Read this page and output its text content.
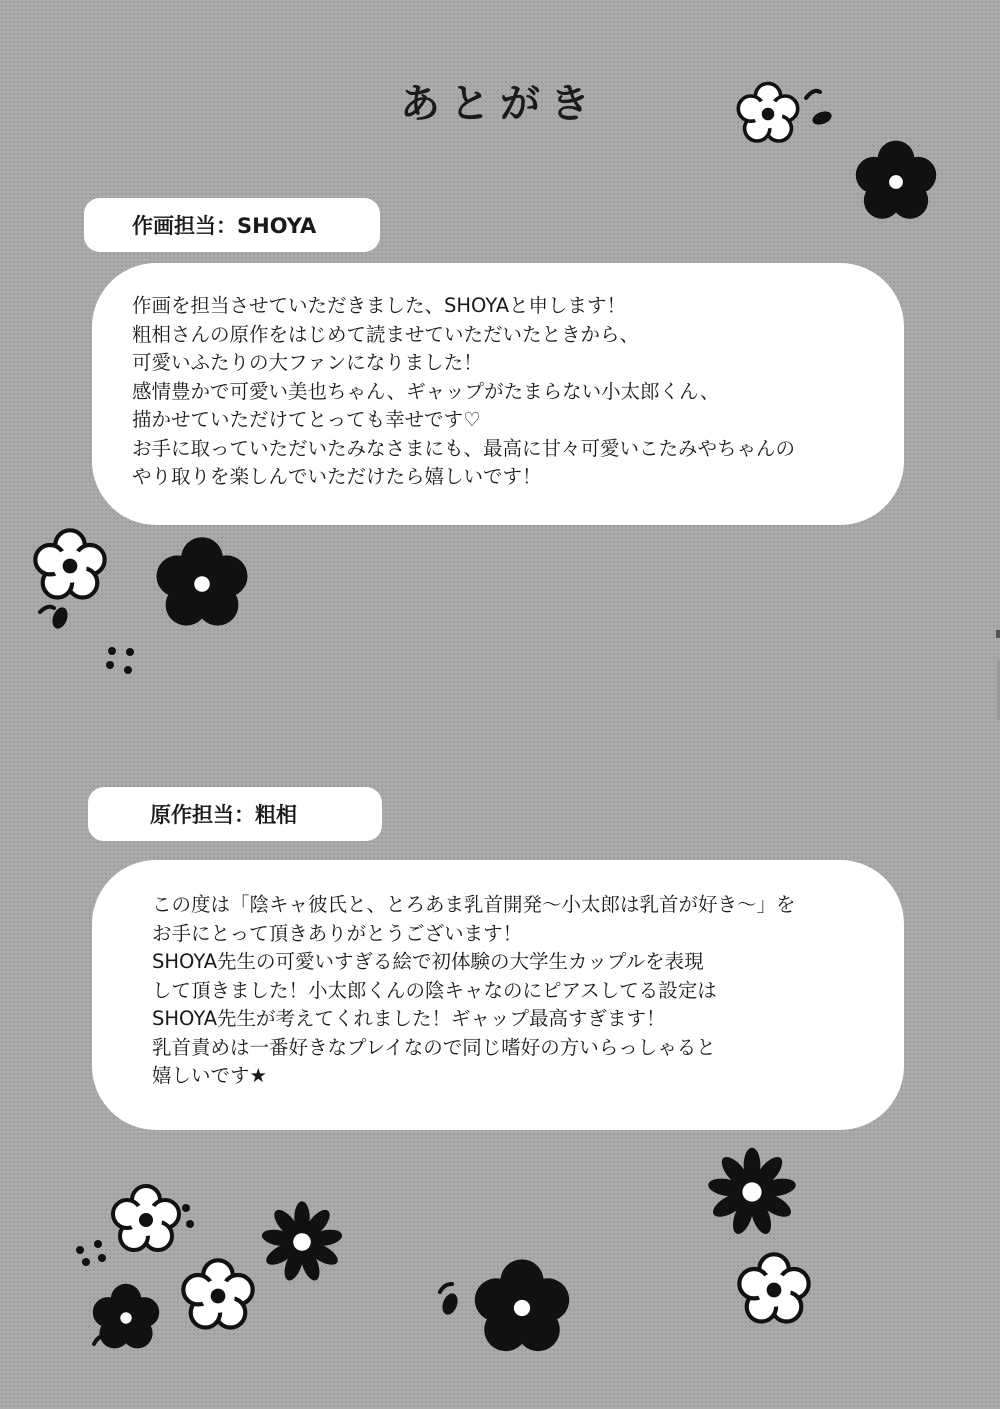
あとがき
作画担当：SHOYA
作画を担当させていただきました、SHOYAと申します！
粗相さんの原作をはじめて読ませていただいたときから、
可愛いふたりの大ファンになりました！
感情豊かで可愛い美也ちゃん、ギャップがたまらない小太郎くん、
描かせていただけてとっても幸せです♡
お手に取っていただいたみなさまにも、最高に甘々可愛いこたみやちゃんの
やり取りを楽しんでいただけたら嬉しいです！
原作担当：粗相
この度は「陰キャ彼氏と、とろあま乳首開発～小太郎は乳首が好き～」を
お手にとって頂きありがとうございます！
SHOYA先生の可愛いすぎる絵で初体験の大学生カップルを表現
して頂きました！小太郎くんの陰キャなのにピアスしてる設定は
SHOYA先生が考えてくれました！ギャップ最高すぎます！
乳首責めは一番好きなプレイなので同じ嗜好の方いらっしゃると
嬉しいです★
